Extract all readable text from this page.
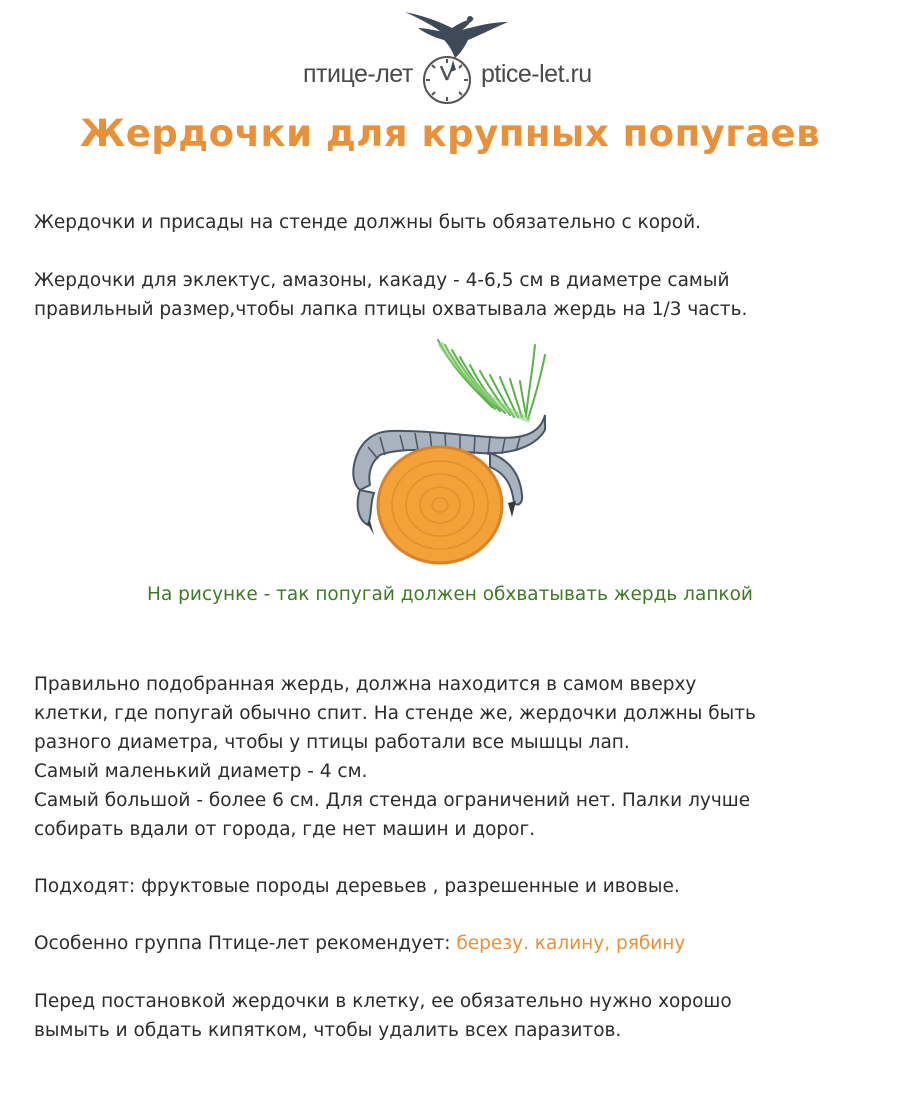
птице-лет	ptice-let.ru
Жердочки для крупных попугаев

Жердочки и присады на стенде должны быть обязательно с корой.

Жердочки для эклектус, амазоны, какаду - 4-6,5 см в диаметре самый
правильный размер,чтобы лапка птицы охватывала жердь на 1/3 часть.

На рисунке - так попугай должен обхватывать жердь лапкой

Правильно подобранная жердь, должна находится в самом вверху
клетки, где попугай обычно спит. На стенде же, жердочки должны быть
разного диаметра, чтобы у птицы работали все мышцы лап.
Самый маленький диаметр - 4 см.
Самый большой - более 6 см. Для стенда ограничений нет. Палки лучше
собирать вдали от города, где нет машин и дорог.

Подходят: фруктовые породы деревьев , разрешенные и ивовые.

Особенно группа Птице-лет рекомендует: березу. калину, рябину

Перед постановкой жердочки в клетку, ее обязательно нужно хорошо
вымыть и обдать кипятком, чтобы удалить всех паразитов.
